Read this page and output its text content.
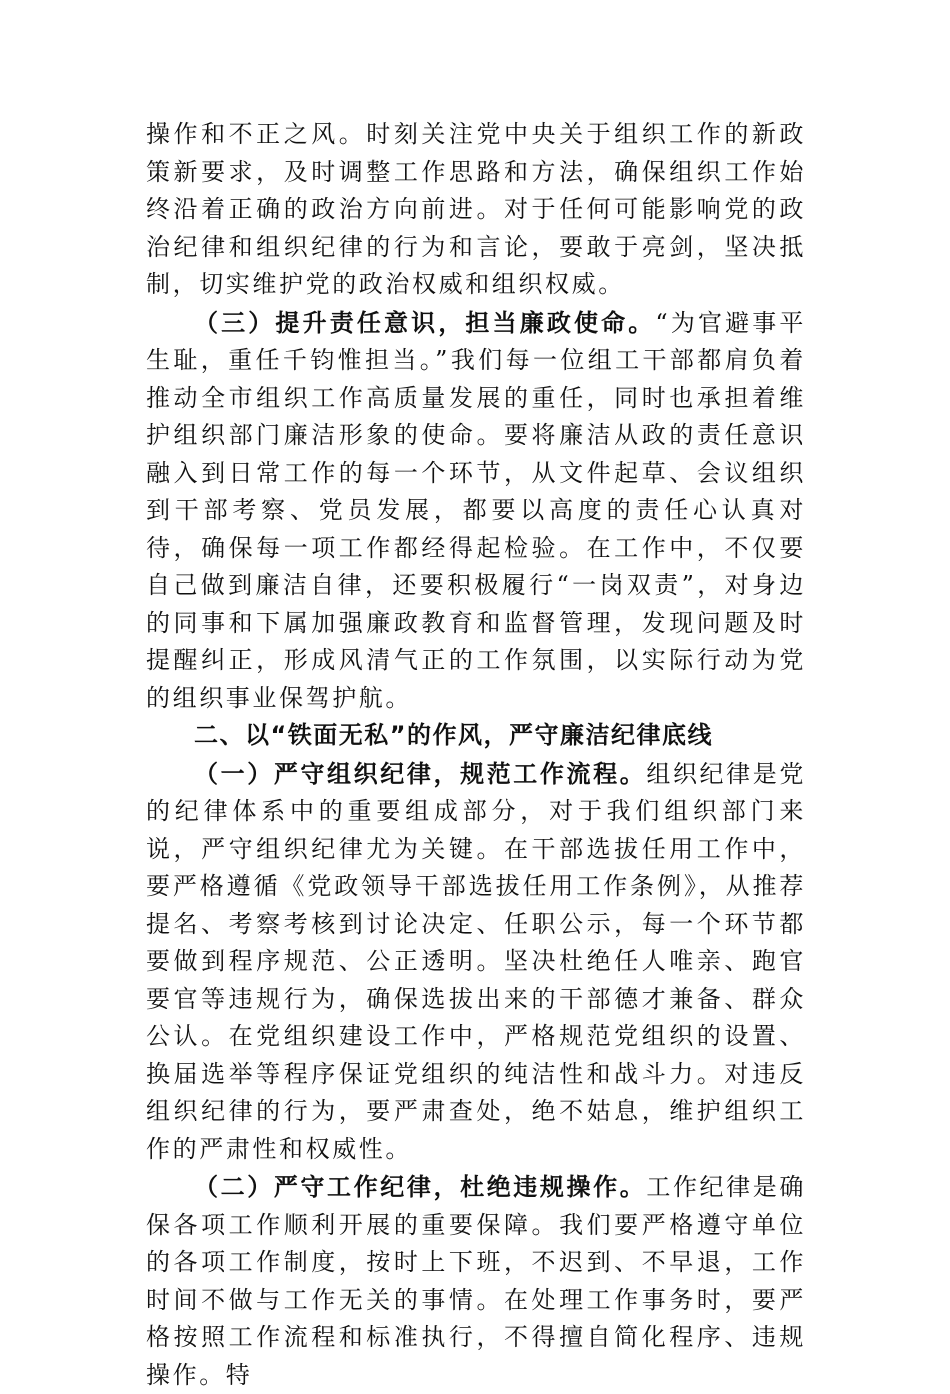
操作和不正之风。时刻关注党中央关于组织工作的新政策新要求，及时调整工作思路和方法，确保组织工作始终沿着正确的政治方向前进。对于任何可能影响党的政治纪律和组织纪律的行为和言论，要敢于亮剑，坚决抵制，切实维护党的政治权威和组织权威。

（三）提升责任意识，担当廉政使命。“为官避事平生耻，重任千钧惟担当。”我们每一位组工干部都肩负着推动全市组织工作高质量发展的重任，同时也承担着维护组织部门廉洁形象的使命。要将廉洁从政的责任意识融入到日常工作的每一个环节，从文件起草、会议组织到干部考察、党员发展，都要以高度的责任心认真对待，确保每一项工作都经得起检验。在工作中，不仅要自己做到廉洁自律，还要积极履行“一岗双责”，对身边的同事和下属加强廉政教育和监督管理，发现问题及时提醒纠正，形成风清气正的工作氛围，以实际行动为党的组织事业保驾护航。

二、以“铁面无私”的作风，严守廉洁纪律底线

（一）严守组织纪律，规范工作流程。组织纪律是党的纪律体系中的重要组成部分，对于我们组织部门来说，严守组织纪律尤为关键。在干部选拔任用工作中，要严格遵循《党政领导干部选拔任用工作条例》，从推荐提名、考察考核到讨论决定、任职公示，每一个环节都要做到程序规范、公正透明。坚决杜绝任人唯亲、跑官要官等违规行为，确保选拔出来的干部德才兼备、群众公认。在党组织建设工作中，严格规范党组织的设置、换届选举等程序保证党组织的纯洁性和战斗力。对违反组织纪律的行为，要严肃查处，绝不姑息，维护组织工作的严肃性和权威性。

（二）严守工作纪律，杜绝违规操作。工作纪律是确保各项工作顺利开展的重要保障。我们要严格遵守单位的各项工作制度，按时上下班，不迟到、不早退，工作时间不做与工作无关的事情。在处理工作事务时，要严格按照工作流程和标准执行，不得擅自简化程序、违规操作。特
